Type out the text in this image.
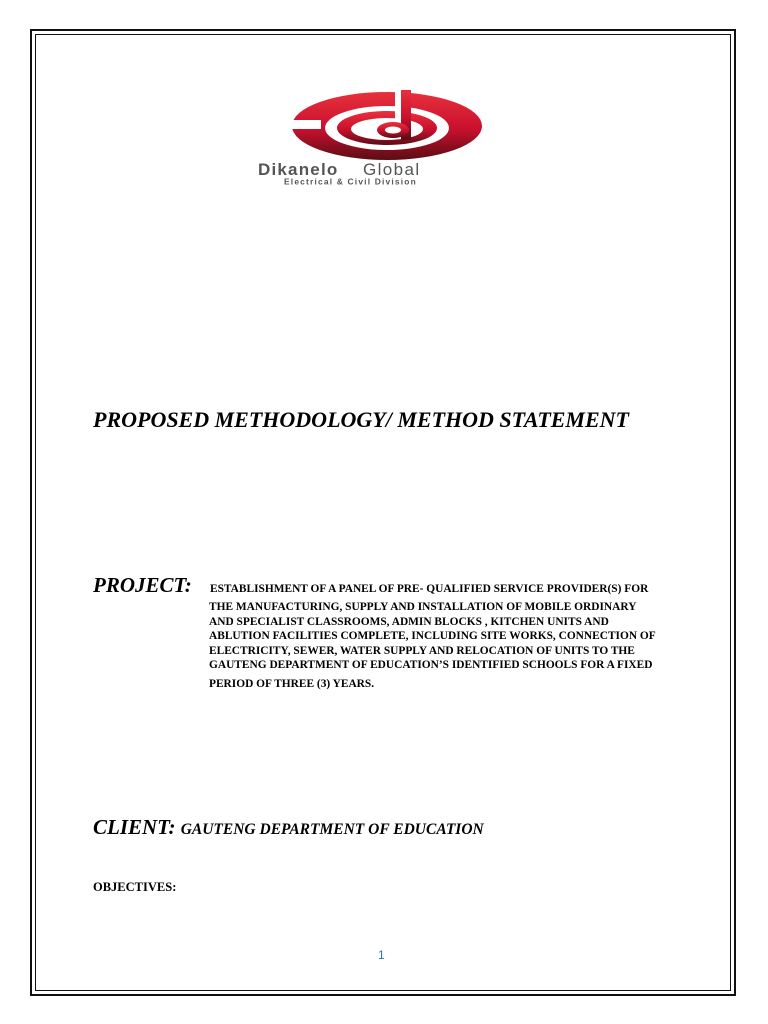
Dikanelo Global
Electrical & Civil Division
PROPOSED METHODOLOGY/ METHOD STATEMENT
PROJECT: ESTABLISHMENT OF A PANEL OF PRE- QUALIFIED SERVICE PROVIDER(S) FOR
THE MANUFACTURING, SUPPLY AND INSTALLATION OF MOBILE ORDINARY
AND SPECIALIST CLASSROOMS, ADMIN BLOCKS , KITCHEN UNITS AND
ABLUTION FACILITIES COMPLETE, INCLUDING SITE WORKS, CONNECTION OF
ELECTRICITY, SEWER, WATER SUPPLY AND RELOCATION OF UNITS TO THE
GAUTENG DEPARTMENT OF EDUCATION’S IDENTIFIED SCHOOLS FOR A FIXED
PERIOD OF THREE (3) YEARS.
CLIENT: GAUTENG DEPARTMENT OF EDUCATION
OBJECTIVES:
1
